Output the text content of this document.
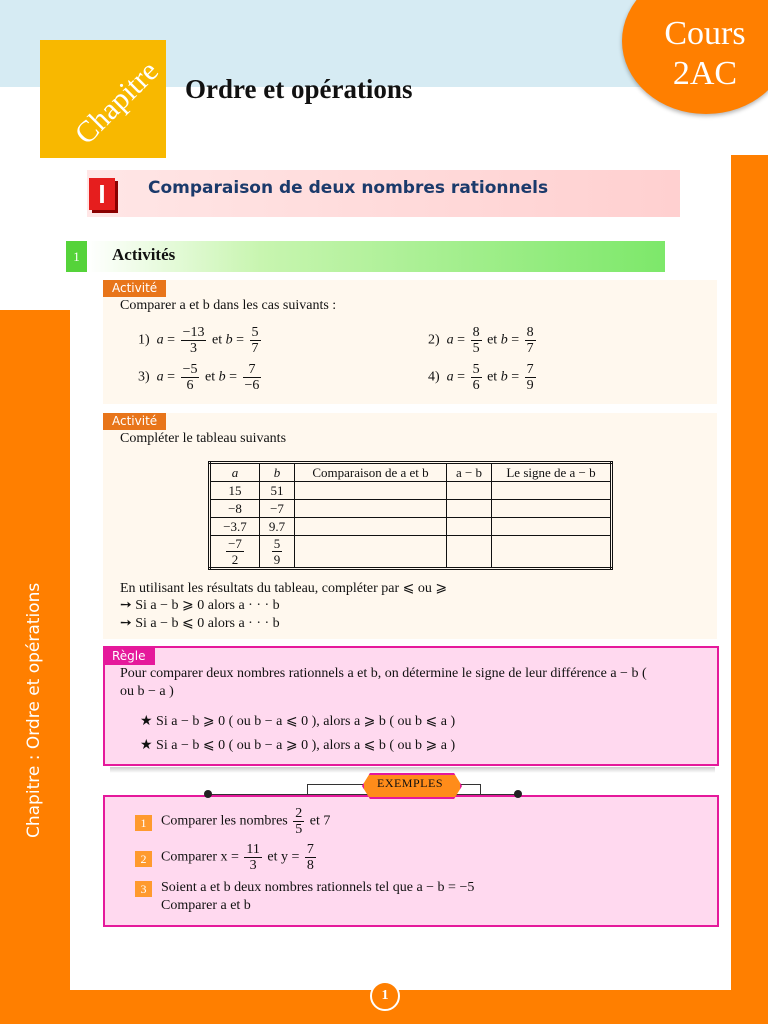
Cours
2AC
Chapitre Ordre et opérations
I	Comparaison de deux nombres rationnels
1	Activités
Activité
Comparer a et b dans les cas suivants :
1) $a = \frac{-13}{3}$ et $b = \frac{5}{7}$	2) $a = \frac{8}{5}$ et $b = \frac{8}{7}$
3) $a = \frac{-5}{6}$ et $b = \frac{7}{-6}$	4) $a = \frac{5}{6}$ et $b = \frac{7}{9}$
Activité
Compléter le tableau suivants
a	b	Comparaison de a et b	a − b	Le signe de a − b
15	51			
−8	−7			
−3.7	9.7			

$\frac{-7}{2}$	$\frac{5}{9}$

En utilisant les résultats du tableau, compléter par ⩽ ou ⩾
➙ Si a − b ⩾ 0 alors a · · · b
➙ Si a − b ⩽ 0 alors a · · · b
Règle
Pour comparer deux nombres rationnels a et b, on détermine le signe de leur différence a − b (
ou b − a )
★ Si a − b ⩾ 0 ( ou b − a ⩽ 0 ), alors a ⩾ b ( ou b ⩽ a )
★ Si a − b ⩽ 0 ( ou b − a ⩾ 0 ), alors a ⩽ b ( ou b ⩾ a )
EXEMPLES
1	Comparer les nombres $\frac{2}{5}$ et 7
2	Comparer $x = \frac{11}{3}$ et $y = \frac{7}{8}$
3	Soient a et b deux nombres rationnels tel que a − b = −5
Comparer a et b
Chapitre : Ordre et opérations
1
